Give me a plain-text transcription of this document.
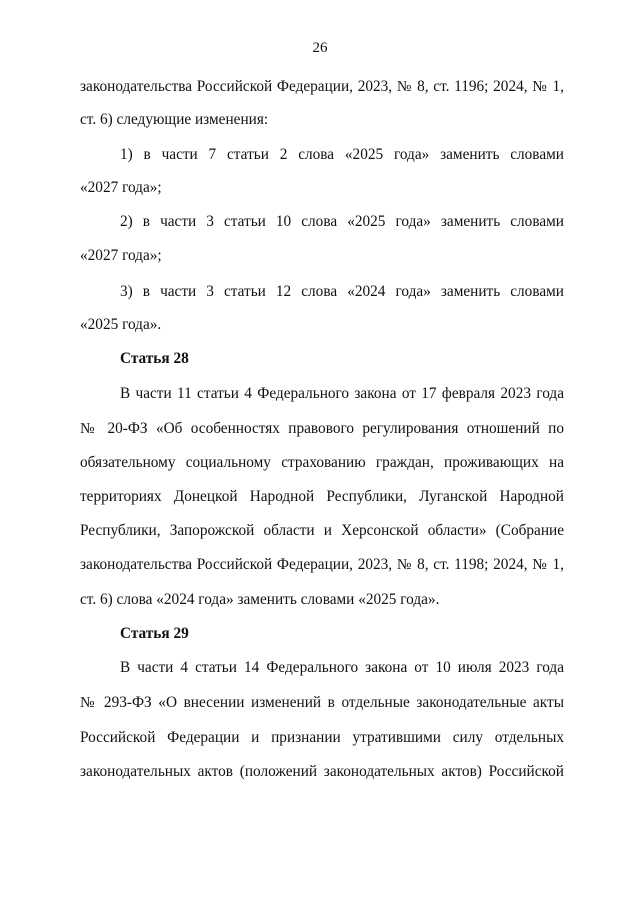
26
законодательства Российской Федерации, 2023, № 8, ст. 1196; 2024, № 1,
ст. 6) следующие изменения:
1) в части 7 статьи 2 слова «2025 года» заменить словами
«2027 года»;
2) в части 3 статьи 10 слова «2025 года» заменить словами
«2027 года»;
3) в части 3 статьи 12 слова «2024 года» заменить словами
«2025 года».
Статья 28
В части 11 статьи 4 Федерального закона от 17 февраля 2023 года
№ 20-ФЗ «Об особенностях правового регулирования отношений по
обязательному социальному страхованию граждан, проживающих на
территориях Донецкой Народной Республики, Луганской Народной
Республики, Запорожской области и Херсонской области» (Собрание
законодательства Российской Федерации, 2023, № 8, ст. 1198; 2024, № 1,
ст. 6) слова «2024 года» заменить словами «2025 года».
Статья 29
В части 4 статьи 14 Федерального закона от 10 июля 2023 года
№ 293-ФЗ «О внесении изменений в отдельные законодательные акты
Российской Федерации и признании утратившими силу отдельных
законодательных актов (положений законодательных актов) Российской
